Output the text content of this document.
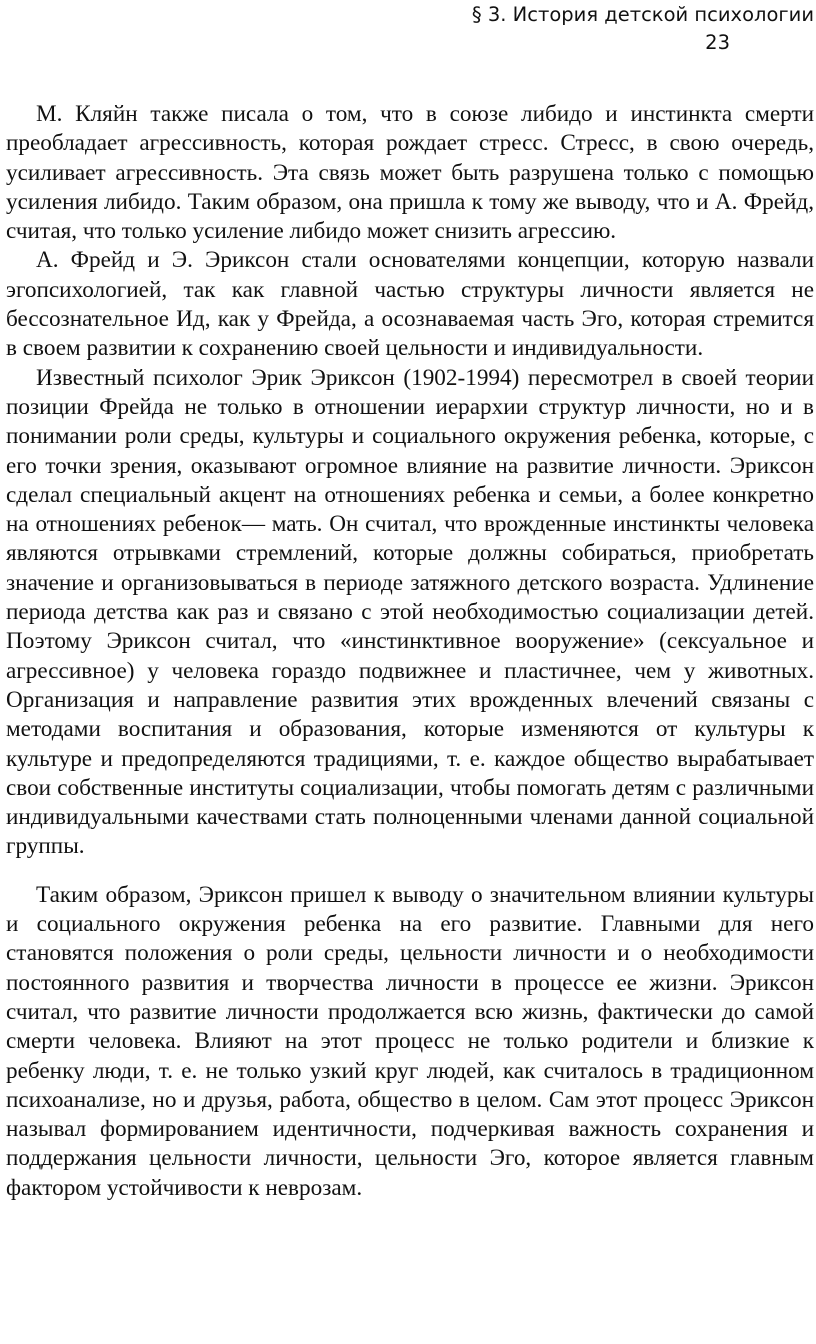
§ 3. История детской психологии
23

М. Кляйн также писала о том, что в союзе либидо и инстинкта смерти преобладает агрессивность, которая рождает стресс. Стресс, в свою очередь, усиливает агрессивность. Эта связь может быть разрушена только с помощью усиления либидо. Таким образом, она пришла к тому же выводу, что и А. Фрейд, считая, что только усиление либидо может снизить агрессию.

А. Фрейд и Э. Эриксон стали основателями концепции, которую назвали эгопсихологией, так как главной частью структуры личности является не бессознательное Ид, как у Фрейда, а осознаваемая часть Эго, которая стремится в своем развитии к сохранению своей цельности и индивидуальности.

Известный психолог Эрик Эриксон (1902-1994) пересмотрел в своей теории позиции Фрейда не только в отношении иерархии структур личности, но и в понимании роли среды, культуры и социального окружения ребенка, которые, с его точки зрения, оказывают огромное влияние на развитие личности. Эриксон сделал специальный акцент на отношениях ребенка и семьи, а более конкретно на отношениях ребенок— мать. Он считал, что врожденные инстинкты человека являются отрывками стремлений, которые должны собираться, приобретать значение и организовываться в периоде затяжного детского возраста. Удлинение периода детства как раз и связано с этой необходимостью социализации детей. Поэтому Эриксон считал, что «инстинктивное вооружение» (сексуальное и агрессивное) у человека гораздо подвижнее и пластичнее, чем у животных. Организация и направление развития этих врожденных влечений связаны с методами воспитания и образования, которые изменяются от культуры к культуре и предопределяются традициями, т. е. каждое общество вырабатывает свои собственные институты социализации, чтобы помогать детям с различными индивидуальными качествами стать полноценными членами данной социальной группы.

Таким образом, Эриксон пришел к выводу о значительном влиянии культуры и социального окружения ребенка на его развитие. Главными для него становятся положения о роли среды, цельности личности и о необходимости постоянного развития и творчества личности в процессе ее жизни. Эриксон считал, что развитие личности продолжается всю жизнь, фактически до самой смерти человека. Влияют на этот процесс не только родители и близкие к ребенку люди, т. е. не только узкий круг людей, как считалось в традиционном психоанализе, но и друзья, работа, общество в целом. Сам этот процесс Эриксон называл формированием идентичности, подчеркивая важность сохранения и поддержания цельности личности, цельности Эго, которое является главным фактором устойчивости к неврозам.
